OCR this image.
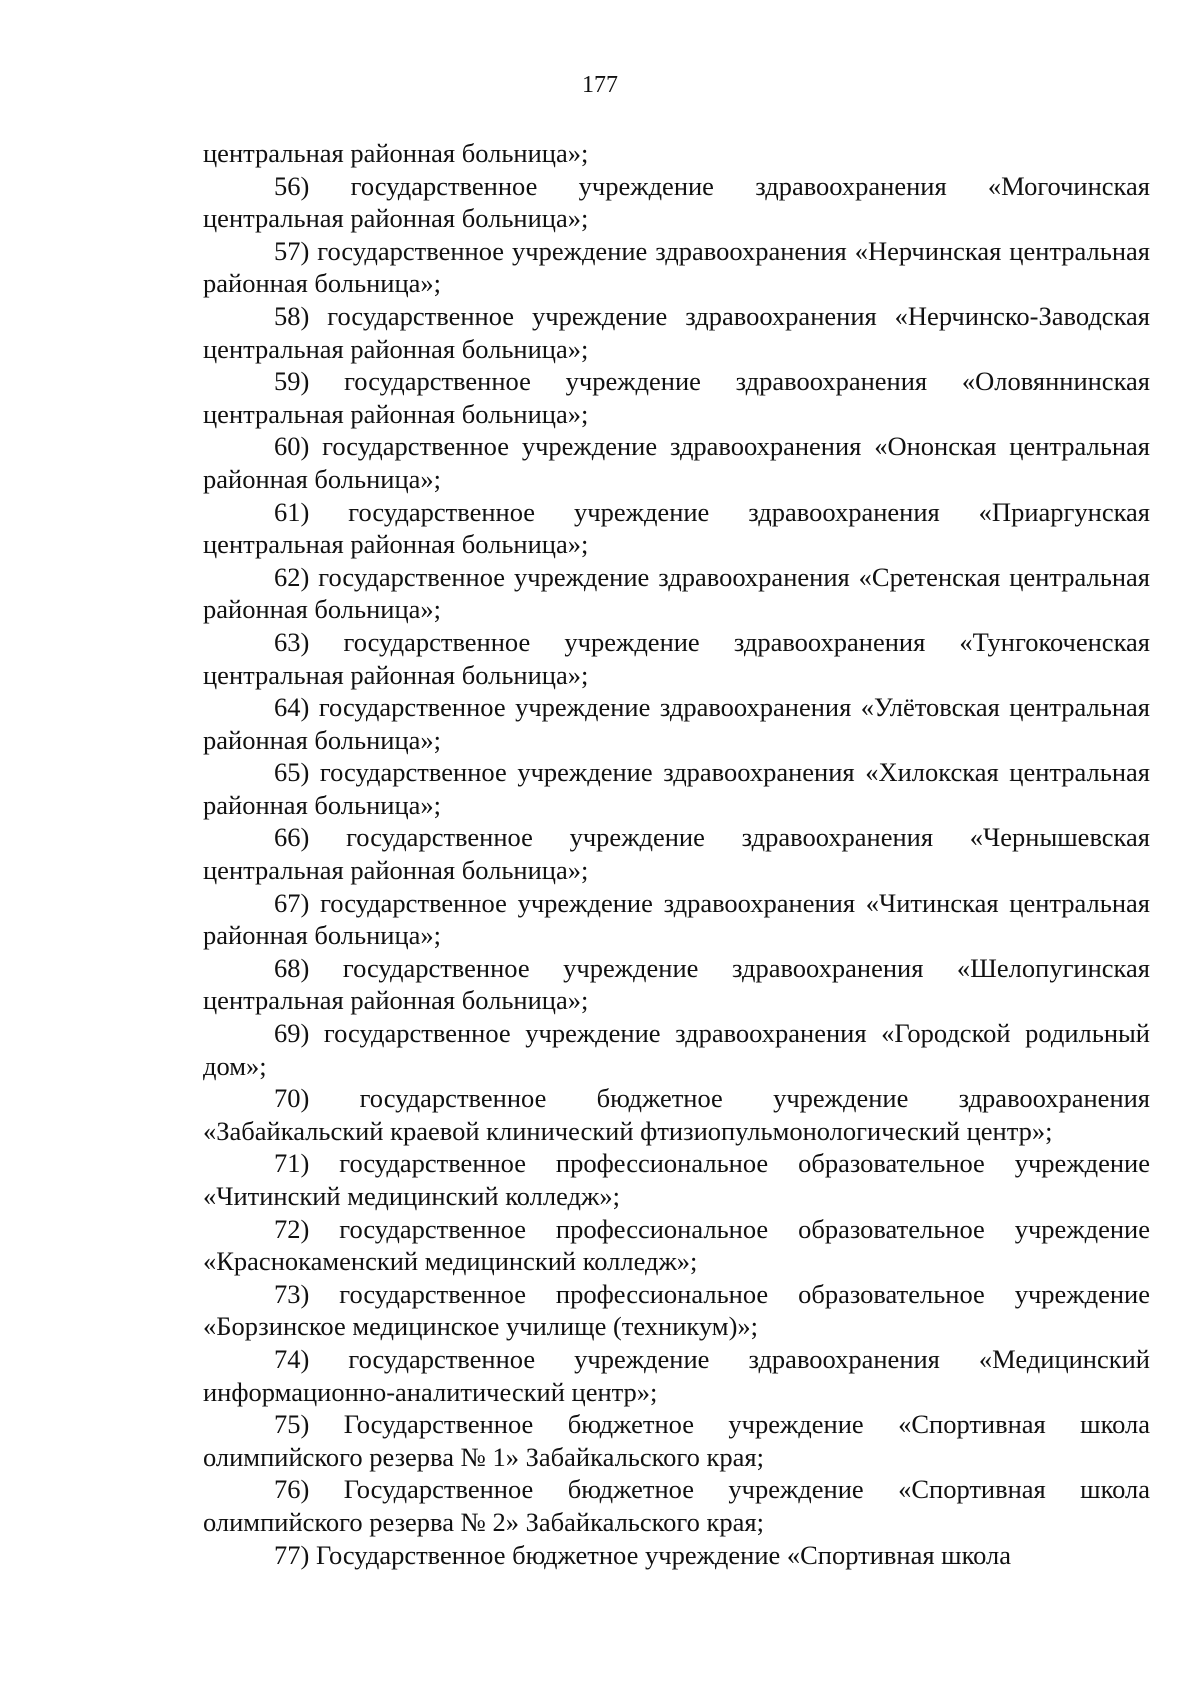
177

центральная районная больница»;

56) государственное учреждение здравоохранения «Могочинская центральная районная больница»;

57) государственное учреждение здравоохранения «Нерчинская центральная районная больница»;

58) государственное учреждение здравоохранения «Нерчинско-Заводская центральная районная больница»;

59) государственное учреждение здравоохранения «Оловяннинская центральная районная больница»;

60) государственное учреждение здравоохранения «Ононская центральная районная больница»;

61) государственное учреждение здравоохранения «Приаргунская центральная районная больница»;

62) государственное учреждение здравоохранения «Сретенская центральная районная больница»;

63) государственное учреждение здравоохранения «Тунгокоченская центральная районная больница»;

64) государственное учреждение здравоохранения «Улётовская центральная районная больница»;

65) государственное учреждение здравоохранения «Хилокская центральная районная больница»;

66) государственное учреждение здравоохранения «Чернышевская центральная районная больница»;

67) государственное учреждение здравоохранения «Читинская центральная районная больница»;

68) государственное учреждение здравоохранения «Шелопугинская центральная районная больница»;

69) государственное учреждение здравоохранения «Городской родильный дом»;

70) государственное бюджетное учреждение здравоохранения «Забайкальский краевой клинический фтизиопульмонологический центр»;

71) государственное профессиональное образовательное учреждение «Читинский медицинский колледж»;

72) государственное профессиональное образовательное учреждение «Краснокаменский медицинский колледж»;

73) государственное профессиональное образовательное учреждение «Борзинское медицинское училище (техникум)»;

74) государственное учреждение здравоохранения «Медицинский информационно-аналитический центр»;

75) Государственное бюджетное учреждение «Спортивная школа олимпийского резерва № 1» Забайкальского края;

76) Государственное бюджетное учреждение «Спортивная школа олимпийского резерва № 2» Забайкальского края;

77) Государственное бюджетное учреждение «Спортивная школа
